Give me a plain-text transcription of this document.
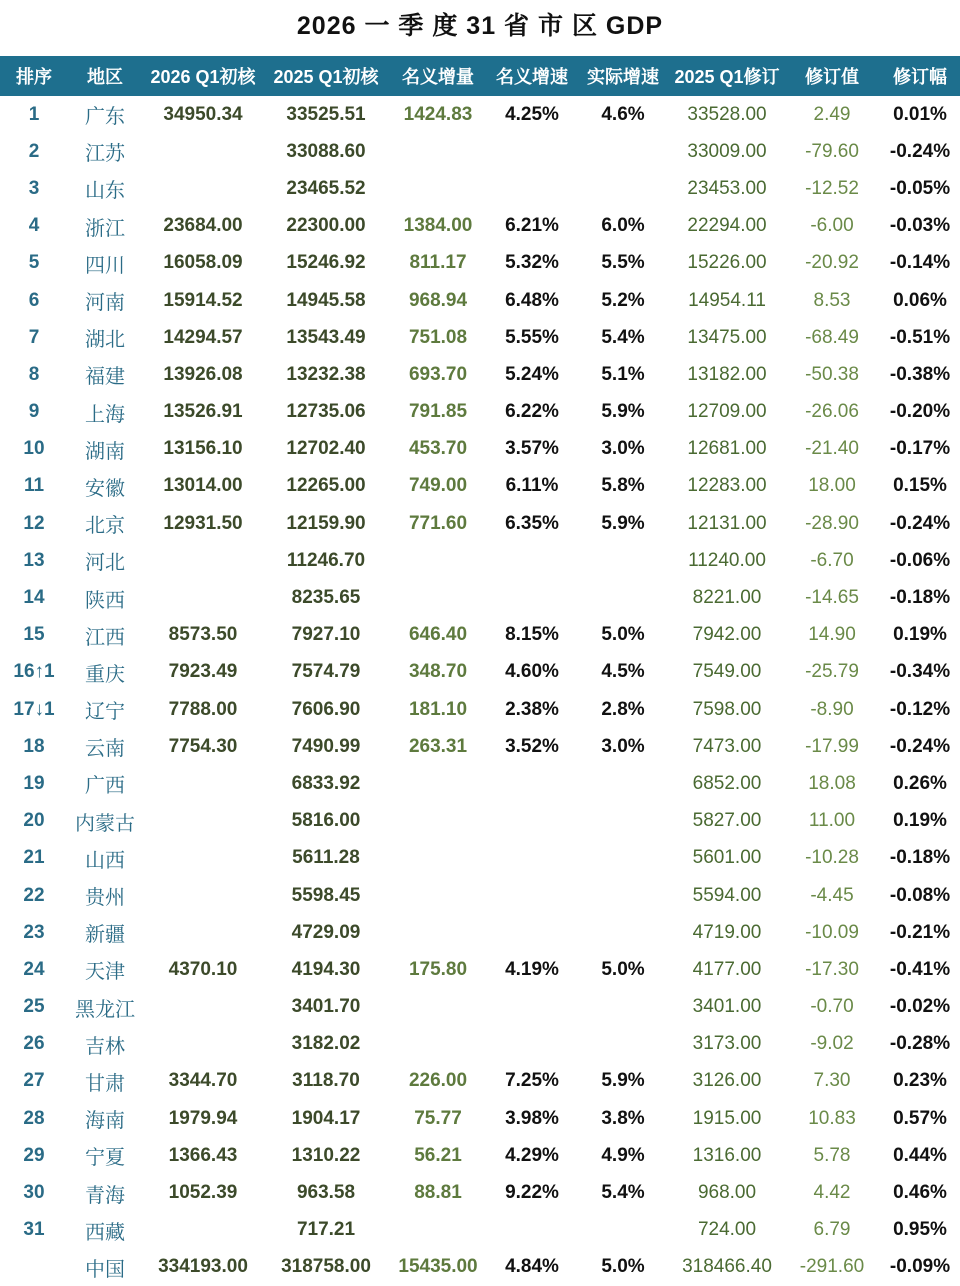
2026 一 季 度 31 省 市 区 GDP
排序	地区	2026 Q1初核	2025 Q1初核	名义增量	名义增速	实际增速	2025 Q1修订	修订值	修订幅
1	广东	34950.34	33525.51	1424.83	4.25%	4.6%	33528.00	2.49	0.01%
2	江苏		33088.60				33009.00	-79.60	-0.24%
3	山东		23465.52				23453.00	-12.52	-0.05%
4	浙江	23684.00	22300.00	1384.00	6.21%	6.0%	22294.00	-6.00	-0.03%
5	四川	16058.09	15246.92	811.17	5.32%	5.5%	15226.00	-20.92	-0.14%
6	河南	15914.52	14945.58	968.94	6.48%	5.2%	14954.11	8.53	0.06%
7	湖北	14294.57	13543.49	751.08	5.55%	5.4%	13475.00	-68.49	-0.51%
8	福建	13926.08	13232.38	693.70	5.24%	5.1%	13182.00	-50.38	-0.38%
9	上海	13526.91	12735.06	791.85	6.22%	5.9%	12709.00	-26.06	-0.20%
10	湖南	13156.10	12702.40	453.70	3.57%	3.0%	12681.00	-21.40	-0.17%
11	安徽	13014.00	12265.00	749.00	6.11%	5.8%	12283.00	18.00	0.15%
12	北京	12931.50	12159.90	771.60	6.35%	5.9%	12131.00	-28.90	-0.24%
13	河北		11246.70				11240.00	-6.70	-0.06%
14	陕西		8235.65				8221.00	-14.65	-0.18%
15	江西	8573.50	7927.10	646.40	8.15%	5.0%	7942.00	14.90	0.19%
16↑1	重庆	7923.49	7574.79	348.70	4.60%	4.5%	7549.00	-25.79	-0.34%
17↓1	辽宁	7788.00	7606.90	181.10	2.38%	2.8%	7598.00	-8.90	-0.12%
18	云南	7754.30	7490.99	263.31	3.52%	3.0%	7473.00	-17.99	-0.24%
19	广西		6833.92				6852.00	18.08	0.26%
20	内蒙古		5816.00				5827.00	11.00	0.19%
21	山西		5611.28				5601.00	-10.28	-0.18%
22	贵州		5598.45				5594.00	-4.45	-0.08%
23	新疆		4729.09				4719.00	-10.09	-0.21%
24	天津	4370.10	4194.30	175.80	4.19%	5.0%	4177.00	-17.30	-0.41%
25	黑龙江		3401.70				3401.00	-0.70	-0.02%
26	吉林		3182.02				3173.00	-9.02	-0.28%
27	甘肃	3344.70	3118.70	226.00	7.25%	5.9%	3126.00	7.30	0.23%
28	海南	1979.94	1904.17	75.77	3.98%	3.8%	1915.00	10.83	0.57%
29	宁夏	1366.43	1310.22	56.21	4.29%	4.9%	1316.00	5.78	0.44%
30	青海	1052.39	963.58	88.81	9.22%	5.4%	968.00	4.42	0.46%
31	西藏		717.21				724.00	6.79	0.95%
	中国	334193.00	318758.00	15435.00	4.84%	5.0%	318466.40	-291.60	-0.09%
